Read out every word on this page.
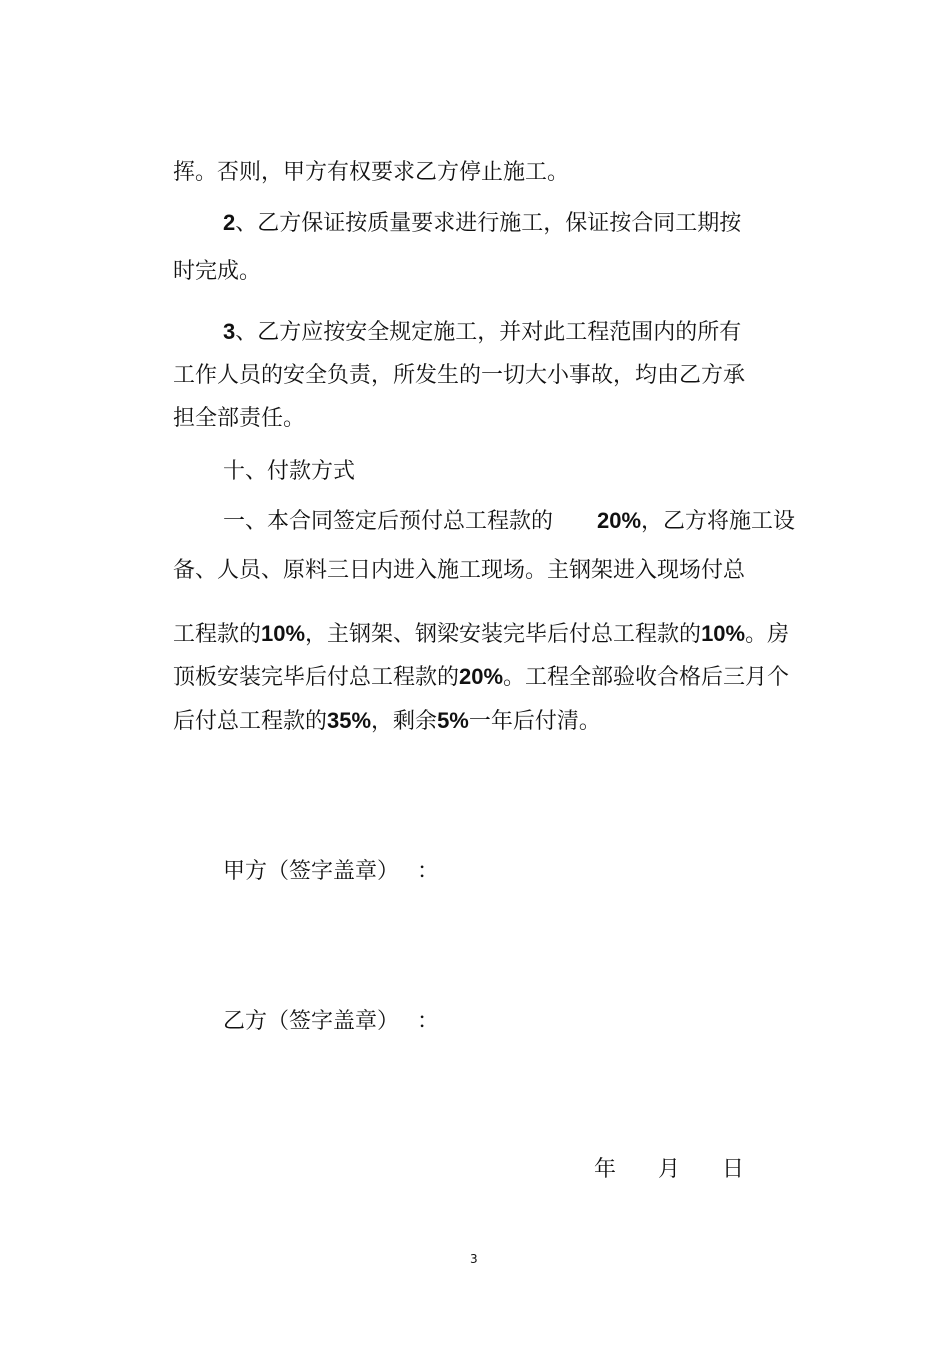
挥。否则，甲方有权要求乙方停止施工。

2、乙方保证按质量要求进行施工，保证按合同工期按

时完成。

3、乙方应按安全规定施工，并对此工程范围内的所有

工作人员的安全负责，所发生的一切大小事故，均由乙方承

担全部责任。

十、付款方式

一、本合同签定后预付总工程款的 20%，乙方将施工设

备、人员、原料三日内进入施工现场。主钢架进入现场付总

工程款的10%，主钢架、钢梁安装完毕后付总工程款的10%。房

顶板安装完毕后付总工程款的20%。工程全部验收合格后三月个

后付总工程款的35%，剩余5%一年后付清。

甲方（签字盖章） ：

乙方（签字盖章） ：

年 月 日

3
